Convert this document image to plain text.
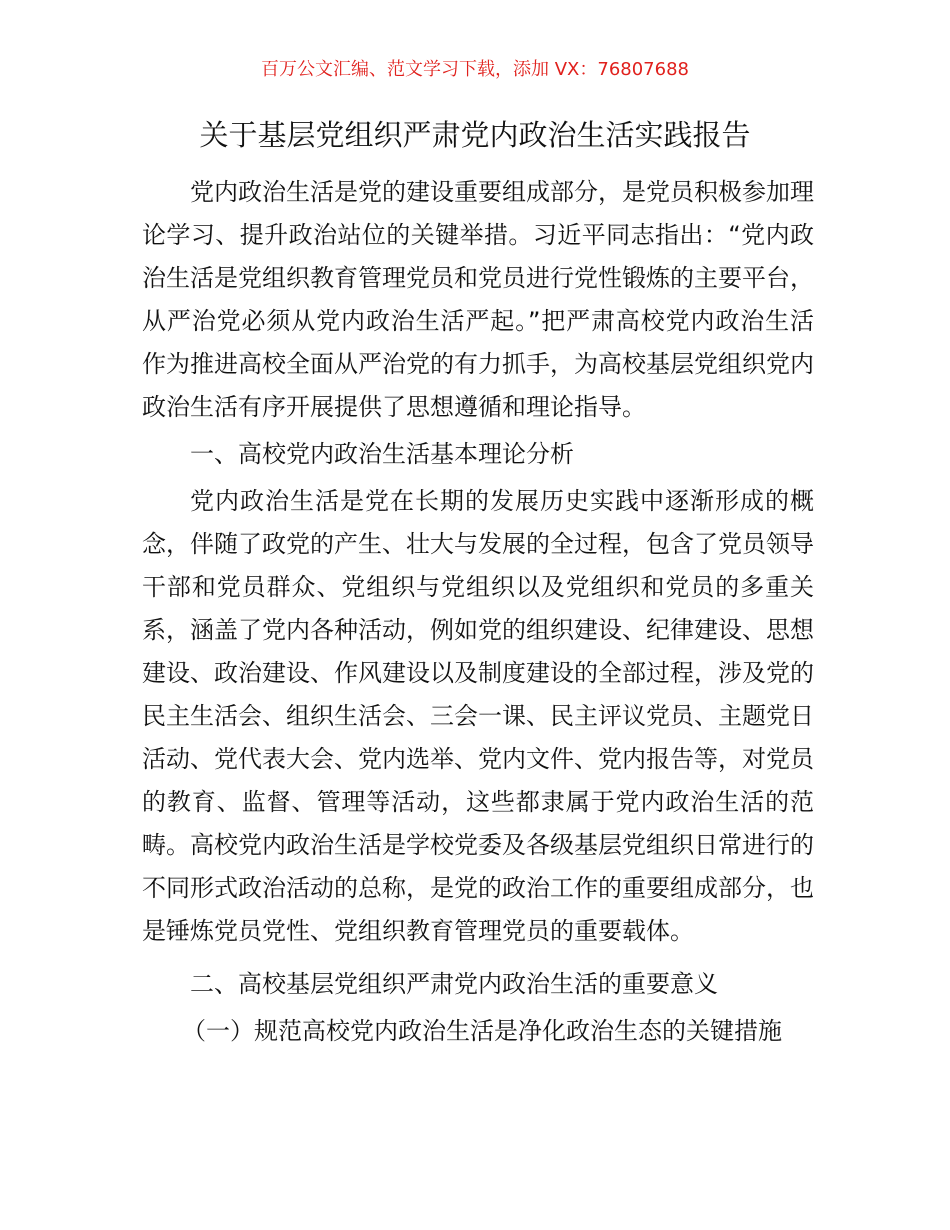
百万公文汇编、范文学习下载，添加 VX：76807688
关于基层党组织严肃党内政治生活实践报告

党内政治生活是党的建设重要组成部分，是党员积极参加理论学习、提升政治站位的关键举措。习近平同志指出：“党内政治生活是党组织教育管理党员和党员进行党性锻炼的主要平台，从严治党必须从党内政治生活严起。”把严肃高校党内政治生活作为推进高校全面从严治党的有力抓手，为高校基层党组织党内政治生活有序开展提供了思想遵循和理论指导。

一、高校党内政治生活基本理论分析

党内政治生活是党在长期的发展历史实践中逐渐形成的概念，伴随了政党的产生、壮大与发展的全过程，包含了党员领导干部和党员群众、党组织与党组织以及党组织和党员的多重关系，涵盖了党内各种活动，例如党的组织建设、纪律建设、思想建设、政治建设、作风建设以及制度建设的全部过程，涉及党的民主生活会、组织生活会、三会一课、民主评议党员、主题党日活动、党代表大会、党内选举、党内文件、党内报告等，对党员的教育、监督、管理等活动，这些都隶属于党内政治生活的范畴。高校党内政治生活是学校党委及各级基层党组织日常进行的不同形式政治活动的总称，是党的政治工作的重要组成部分，也是锤炼党员党性、党组织教育管理党员的重要载体。

二、高校基层党组织严肃党内政治生活的重要意义

（一）规范高校党内政治生活是净化政治生态的关键措施
